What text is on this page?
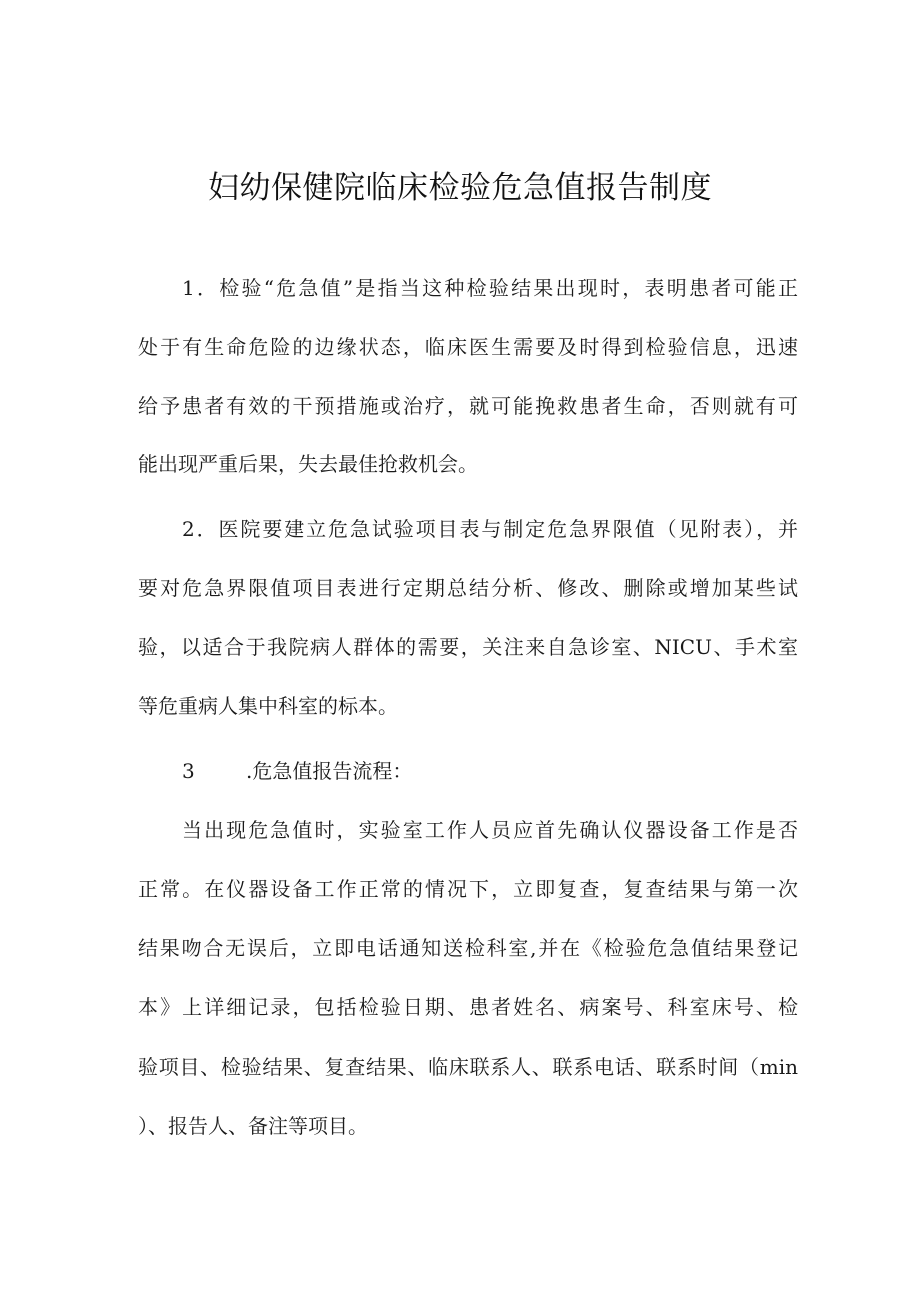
妇幼保健院临床检验危急值报告制度

1．检验“危急值”是指当这种检验结果出现时，表明患者可能正

处于有生命危险的边缘状态，临床医生需要及时得到检验信息，迅速

给予患者有效的干预措施或治疗，就可能挽救患者生命，否则就有可

能出现严重后果，失去最佳抢救机会。

2．医院要建立危急试验项目表与制定危急界限值（见附表），并

要对危急界限值项目表进行定期总结分析、修改、删除或增加某些试

验，以适合于我院病人群体的需要，关注来自急诊室、NICU、手术室

等危重病人集中科室的标本。

3	.危急值报告流程：

当出现危急值时，实验室工作人员应首先确认仪器设备工作是否

正常。在仪器设备工作正常的情况下，立即复查，复查结果与第一次

结果吻合无误后，立即电话通知送检科室,并在《检验危急值结果登记

本》上详细记录，包括检验日期、患者姓名、病案号、科室床号、检

验项目、检验结果、复查结果、临床联系人、联系电话、联系时间（min

）、报告人、备注等项目。
